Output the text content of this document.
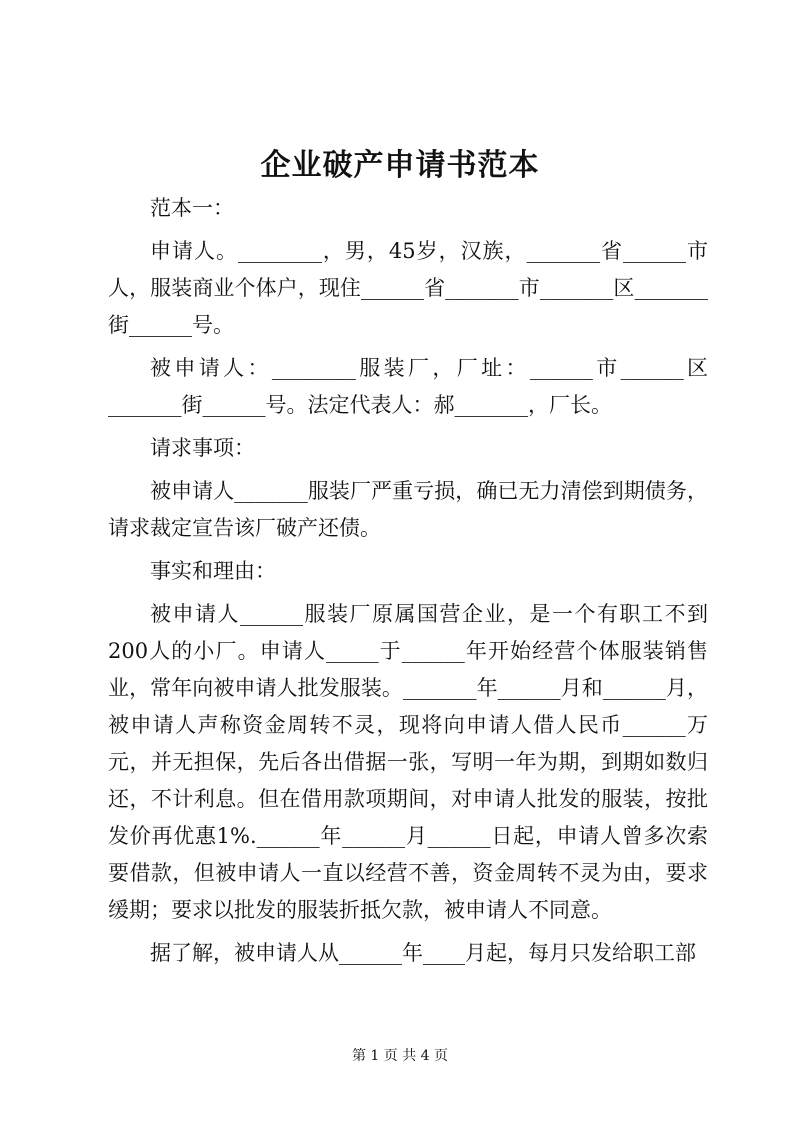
企业破产申请书范本

范本一：

申请人。________，男，45岁，汉族，_______省______市人，服装商业个体户，现住______省_______市_______区_______街______号。

被申请人：________服装厂，厂址：______市______区_______街______号。法定代表人：郝_______，厂长。

请求事项：

被申请人_______服装厂严重亏损，确已无力清偿到期债务，请求裁定宣告该厂破产还债。

事实和理由：

被申请人______服装厂原属国营企业，是一个有职工不到200人的小厂。申请人_____于______年开始经营个体服装销售业，常年向被申请人批发服装。_______年______月和______月，被申请人声称资金周转不灵，现将向申请人借人民币______万元，并无担保，先后各出借据一张，写明一年为期，到期如数归还，不计利息。但在借用款项期间，对申请人批发的服装，按批发价再优惠1%.______年______月______日起，申请人曾多次索要借款，但被申请人一直以经营不善，资金周转不灵为由，要求缓期；要求以批发的服装折抵欠款，被申请人不同意。

据了解，被申请人从______年____月起，每月只发给职工部

第 1 页 共 4 页
